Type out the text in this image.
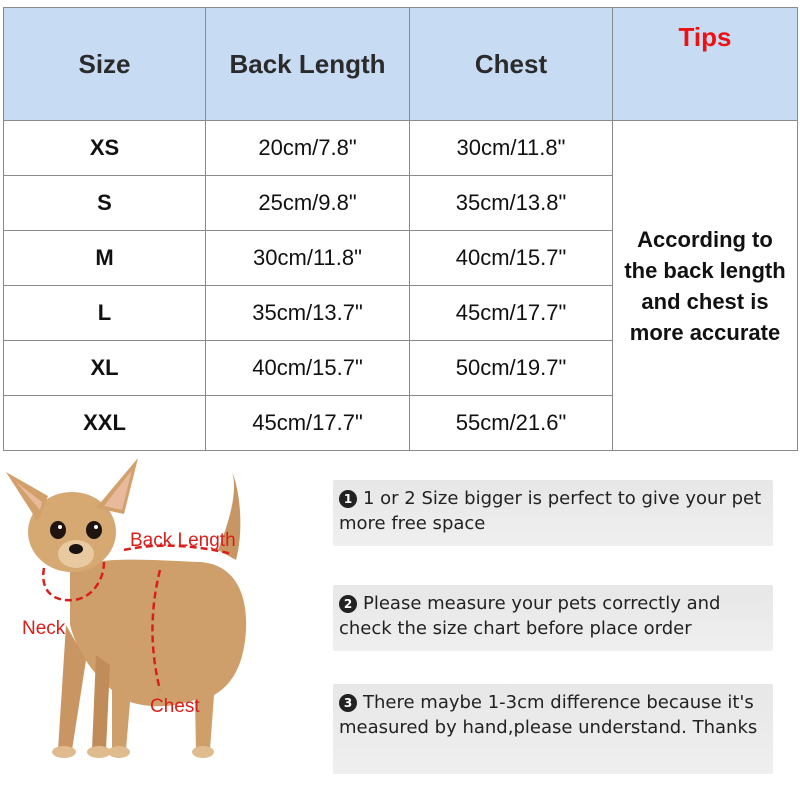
Size	Back Length	Chest	Tips
XS	20cm/7.8"	30cm/11.8"	According to the back length and chest is more accurate
S	25cm/9.8"	35cm/13.8"	
M	30cm/11.8"	40cm/15.7"	
L	35cm/13.7"	45cm/17.7"	
XL	40cm/15.7"	50cm/19.7"	
XXL	45cm/17.7"	55cm/21.6"	
Back Length
Neck
Chest
1 1 or 2 Size bigger is perfect to give your pet more free space
2 Please measure your pets correctly and check the size chart before place order
3 There maybe 1-3cm difference because it's measured by hand,please understand. Thanks
